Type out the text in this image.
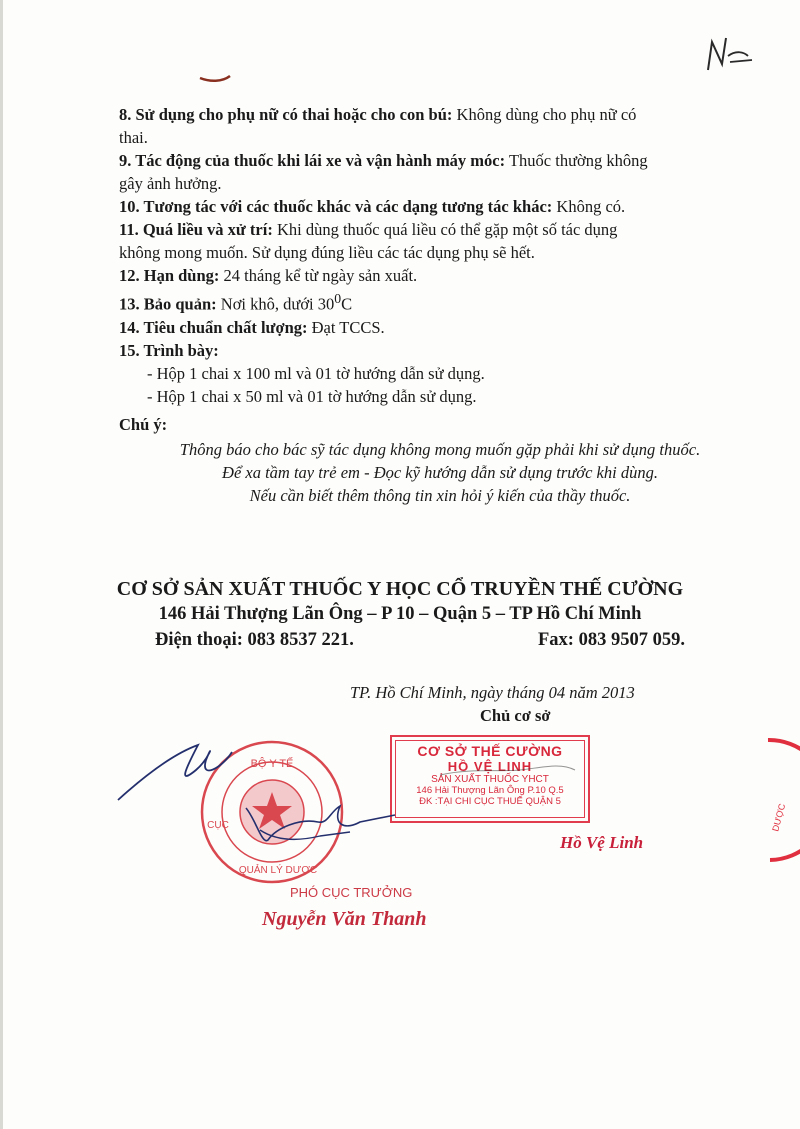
8. Sử dụng cho phụ nữ có thai hoặc cho con bú: Không dùng cho phụ nữ có

thai.

9. Tác động của thuốc khi lái xe và vận hành máy móc: Thuốc thường không

gây ảnh hưởng.

10. Tương tác với các thuốc khác và các dạng tương tác khác: Không có.

11. Quá liều và xử trí: Khi dùng thuốc quá liều có thể gặp một số tác dụng

không mong muốn. Sử dụng đúng liều các tác dụng phụ sẽ hết.

12. Hạn dùng: 24 tháng kể từ ngày sản xuất.

13. Bảo quản: Nơi khô, dưới $30^0C$

14. Tiêu chuẩn chất lượng: Đạt TCCS.

15. Trình bày:

- Hộp 1 chai x 100 ml và 01 tờ hướng dẫn sử dụng.

- Hộp 1 chai x 50 ml và 01 tờ hướng dẫn sử dụng.

Chú ý:

Thông báo cho bác sỹ tác dụng không mong muốn gặp phải khi sử dụng thuốc.

Để xa tầm tay trẻ em - Đọc kỹ hướng dẫn sử dụng trước khi dùng.

Nếu cần biết thêm thông tin xin hỏi ý kiến của thầy thuốc.

CƠ SỞ SẢN XUẤT THUỐC Y HỌC CỔ TRUYỀN THẾ CƯỜNG
146 Hải Thượng Lãn Ông – P 10 – Quận 5 – TP Hồ Chí Minh
Điện thoại: 083 8537 221.	Fax: 083 9507 059.
TP. Hồ Chí Minh, ngày tháng 04 năm 2013
Chủ cơ sở
CƠ SỞ THẾ CƯỜNG
HỒ VỆ LINH
SẢN XUẤT THUỐC YHCT
146 Hải Thượng Lãn Ông P.10 Q.5
ĐK :TẠI CHI CỤC THUẾ QUẬN 5
Hồ Vệ Linh
BỘ Y TẾ
CỤC
QUẢN LÝ DƯỢC
DƯỢC
PHÓ CỤC TRƯỞNG
Nguyễn Văn Thanh
